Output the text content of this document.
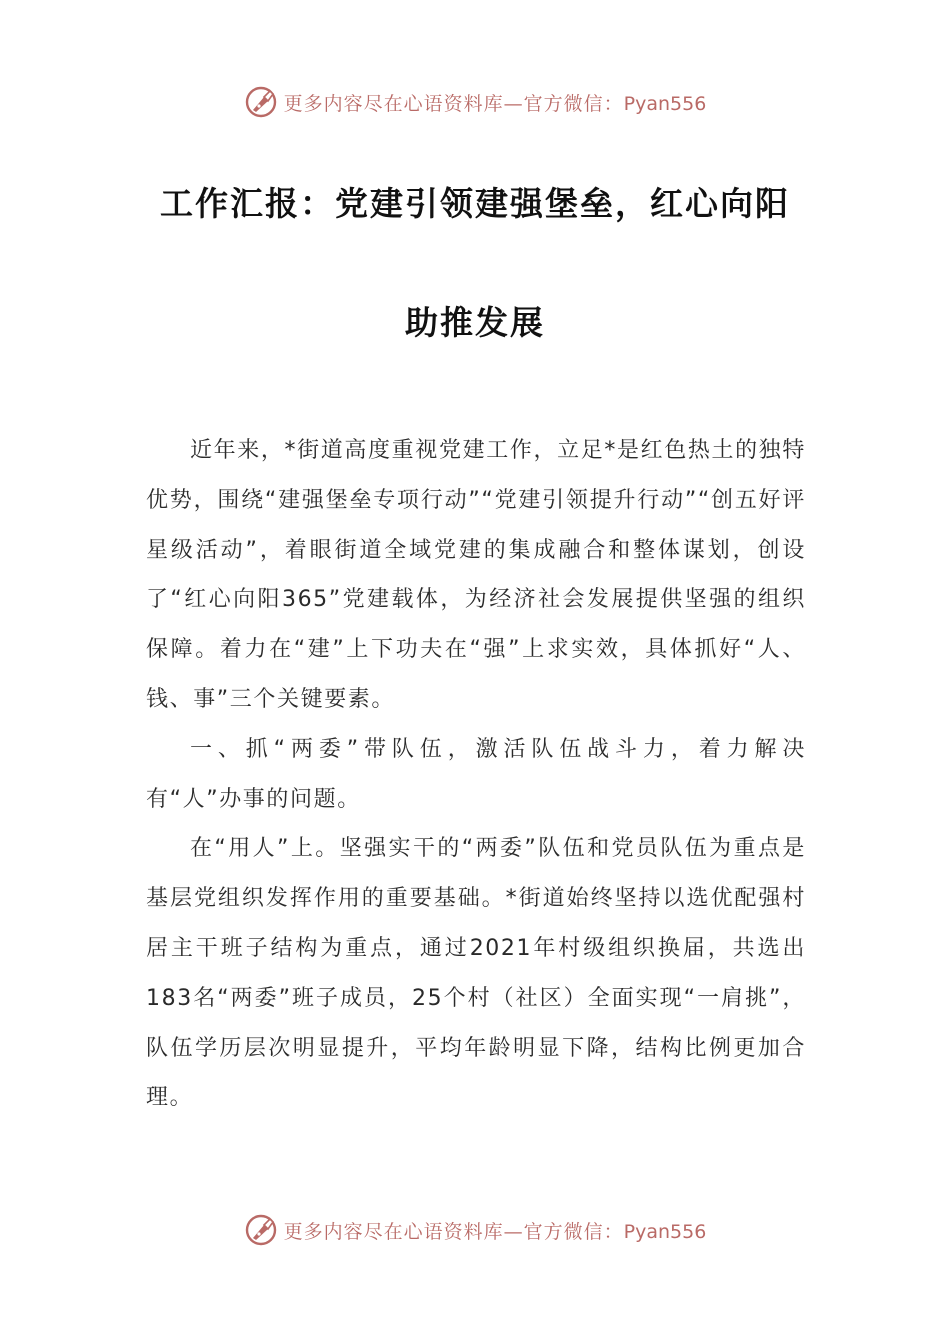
更多内容尽在心语资料库—官方微信：Pyan556
工作汇报：党建引领建强堡垒，红心向阳
助推发展

近年来，*街道高度重视党建工作，立足*是红色热土的独特优势，围绕“建强堡垒专项行动”“党建引领提升行动”“创五好评星级活动”，着眼街道全域党建的集成融合和整体谋划，创设了“红心向阳365”党建载体，为经济社会发展提供坚强的组织保障。着力在“建”上下功夫在“强”上求实效，具体抓好“人、钱、事”三个关键要素。

一、抓“两委”带队伍，激活队伍战斗力，着力解决有“人”办事的问题。

在“用人”上。坚强实干的“两委”队伍和党员队伍为重点是基层党组织发挥作用的重要基础。*街道始终坚持以选优配强村居主干班子结构为重点，通过2021年村级组织换届，共选出183名“两委”班子成员，25个村（社区）全面实现“一肩挑”，队伍学历层次明显提升，平均年龄明显下降，结构比例更加合理。

更多内容尽在心语资料库—官方微信：Pyan556
